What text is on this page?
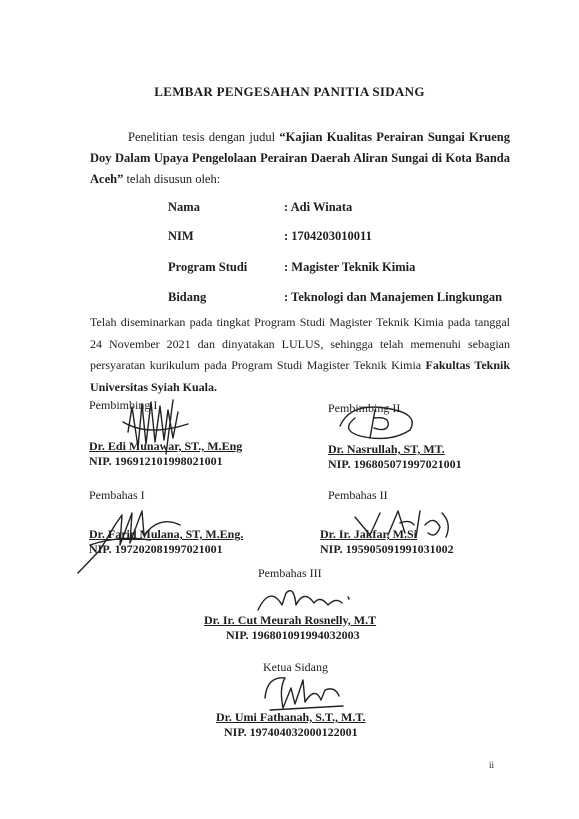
LEMBAR PENGESAHAN PANITIA SIDANG
Penelitian tesis dengan judul “Kajian Kualitas Perairan Sungai Krueng Doy Dalam Upaya Pengelolaan Perairan Daerah Aliran Sungai di Kota Banda Aceh” telah disusun oleh:
Nama	: Adi Winata
NIM	: 1704203010011
Program Studi	: Magister Teknik Kimia
Bidang	: Teknologi dan Manajemen Lingkungan
Telah diseminarkan pada tingkat Program Studi Magister Teknik Kimia pada tanggal 24 November 2021 dan dinyatakan LULUS, sehingga telah memenuhi sebagian persyaratan kurikulum pada Program Studi Magister Teknik Kimia Fakultas Teknik Universitas Syiah Kuala.
Pembimbing I
Dr. Edi Munawar, ST., M.Eng
NIP. 196912101998021001
Pembimbing II
Dr. Nasrullah, ST, MT.
NIP. 196805071997021001
Pembahas I
Dr. Farid Mulana, ST, M.Eng.
NIP. 197202081997021001
Pembahas II
Dr. Ir. Jakfar, M.Si
NIP. 195905091991031002
Pembahas III
Dr. Ir. Cut Meurah Rosnelly, M.T
NIP. 196801091994032003
Ketua Sidang
Dr. Umi Fathanah, S.T., M.T.
NIP. 197404032000122001
ii
